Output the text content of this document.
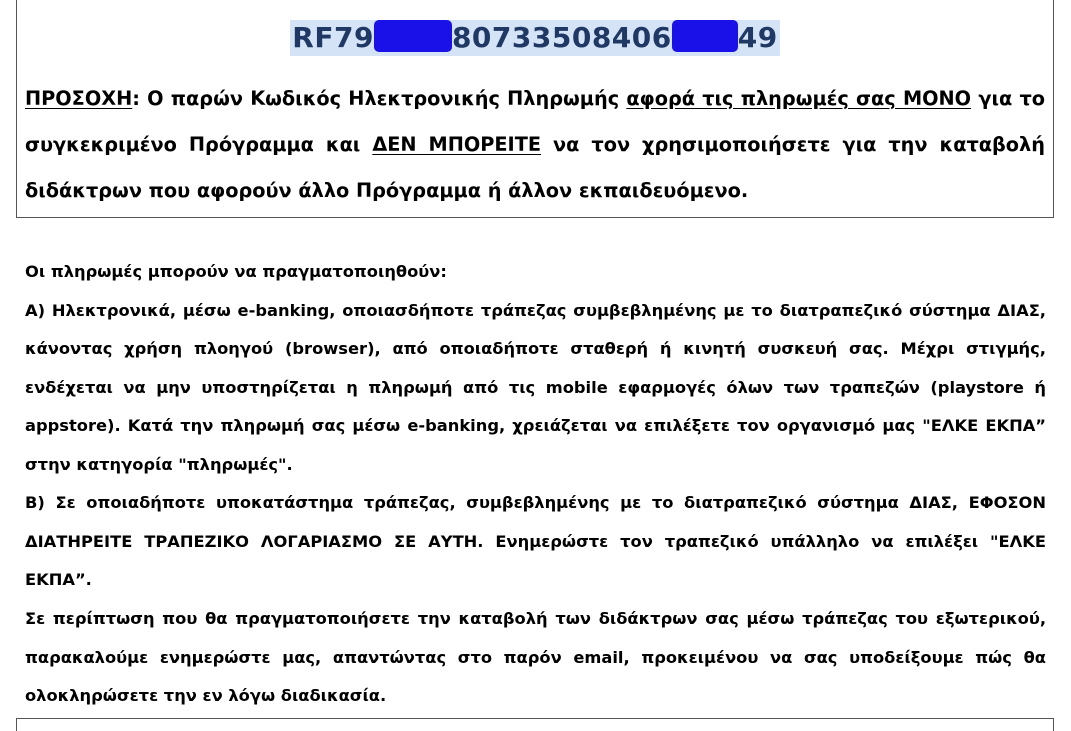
RF79	80733508406 49
ΠΡΟΣΟΧΗ: Ο παρών Κωδικός Ηλεκτρονικής Πληρωμής αφορά τις πληρωμές σας ΜΟΝΟ για το συγκεκριμένο Πρόγραμμα και ΔΕΝ ΜΠΟΡΕΙΤΕ να τον χρησιμοποιήσετε για την καταβολή διδάκτρων που αφορούν άλλο Πρόγραμμα ή άλλον εκπαιδευόμενο.

Οι πληρωμές μπορούν να πραγματοποιηθούν:

Α) Ηλεκτρονικά, μέσω e-banking, οποιασδήποτε τράπεζας συμβεβλημένης με το διατραπεζικό σύστημα ΔΙΑΣ, κάνοντας χρήση πλοηγού (browser), από οποιαδήποτε σταθερή ή κινητή συσκευή σας. Μέχρι στιγμής, ενδέχεται να μην υποστηρίζεται η πληρωμή από τις mobile εφαρμογές όλων των τραπεζών (playstore ή appstore). Κατά την πληρωμή σας μέσω e-banking, χρειάζεται να επιλέξετε τον οργανισμό μας "ΕΛΚΕ ΕΚΠΑ” στην κατηγορία "πληρωμές".

Β) Σε οποιαδήποτε υποκατάστημα τράπεζας, συμβεβλημένης με το διατραπεζικό σύστημα ΔΙΑΣ, ΕΦΟΣΟΝ ΔΙΑΤΗΡΕΙΤΕ ΤΡΑΠΕΖΙΚΟ ΛΟΓΑΡΙΑΣΜΟ ΣΕ ΑΥΤΗ. Ενημερώστε τον τραπεζικό υπάλληλο να επιλέξει "ΕΛΚΕ ΕΚΠΑ”.

Σε περίπτωση που θα πραγματοποιήσετε την καταβολή των διδάκτρων σας μέσω τράπεζας του εξωτερικού, παρακαλούμε ενημερώστε μας, απαντώντας στο παρόν email, προκειμένου να σας υποδείξουμε πώς θα ολοκληρώσετε την εν λόγω διαδικασία.
